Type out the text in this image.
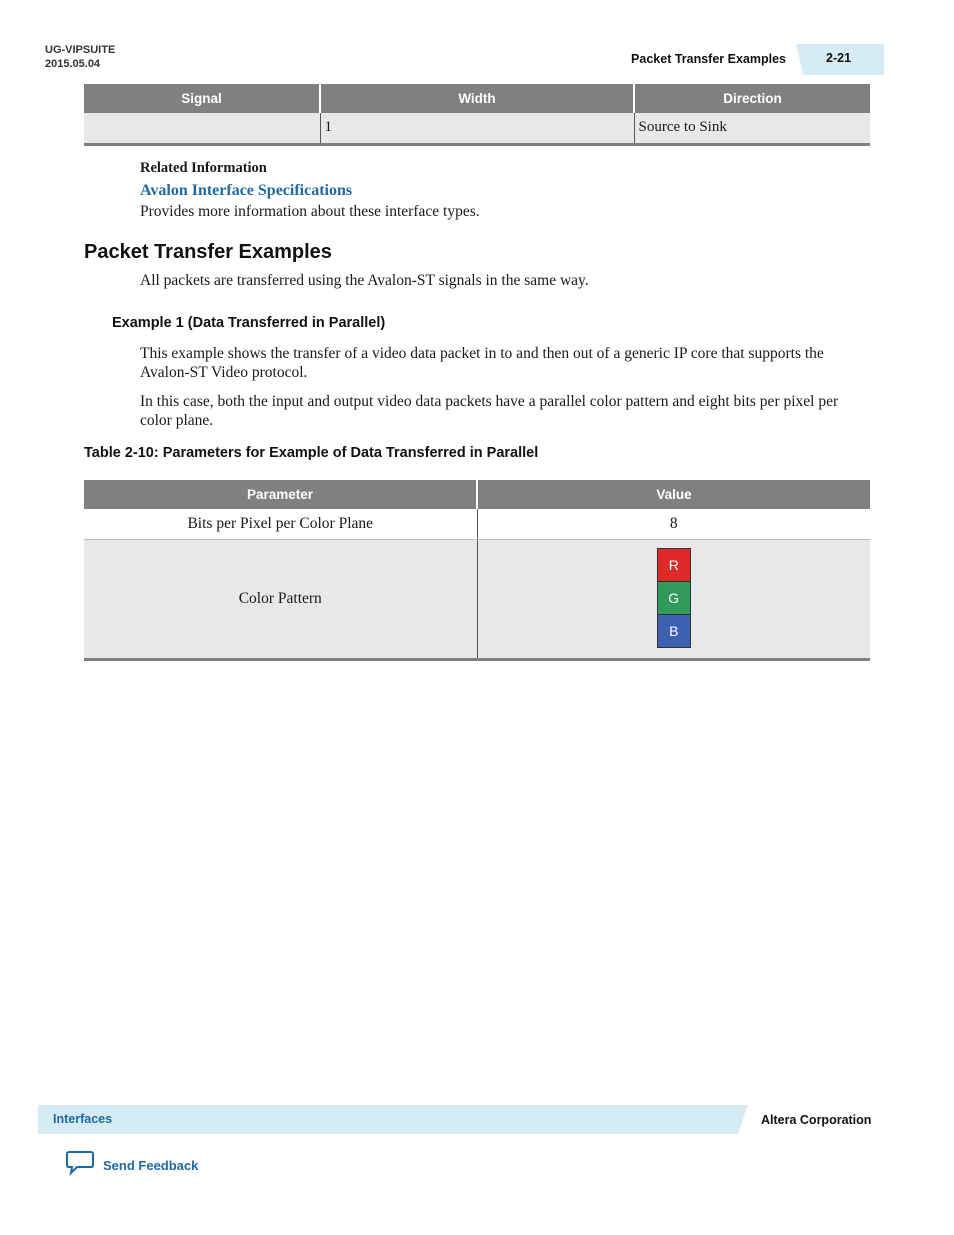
UG-VIPSUITE
2015.05.04	Packet Transfer Examples	2-21
Signal	Width	Direction
	1	Source to Sink
Related Information
Avalon Interface Specifications
Provides more information about these interface types.
Packet Transfer Examples
All packets are transferred using the Avalon-ST signals in the same way.
Example 1 (Data Transferred in Parallel)
This example shows the transfer of a video data packet in to and then out of a generic IP core that supports the Avalon-ST Video protocol.
In this case, both the input and output video data packets have a parallel color pattern and eight bits per pixel per color plane.
Table 2-10: Parameters for Example of Data Transferred in Parallel
Parameter	Value
Bits per Pixel per Color Plane	8
Color Pattern	R
G
B
Interfaces	Altera Corporation
Send Feedback
